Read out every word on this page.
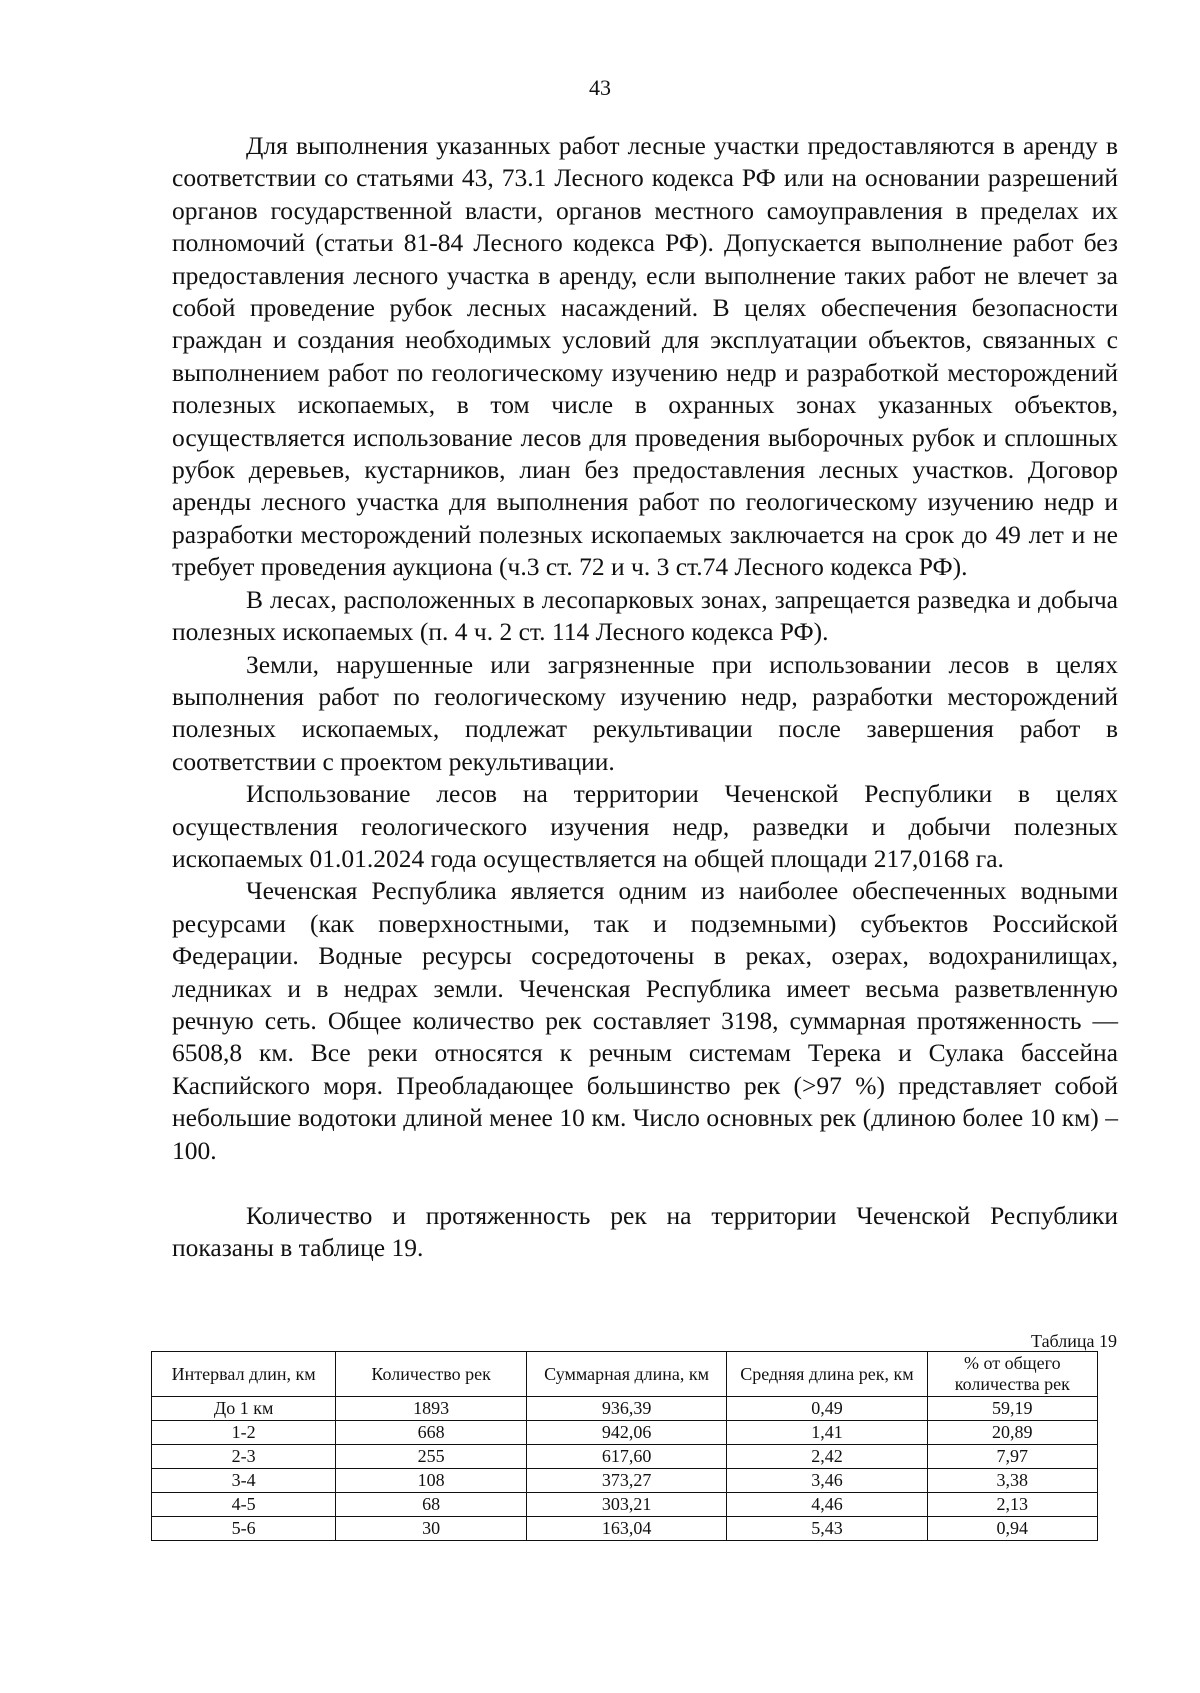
43

Для выполнения указанных работ лесные участки предоставляются в аренду в соответствии со статьями 43, 73.1 Лесного кодекса РФ или на основании разрешений органов государственной власти, органов местного самоуправления в пределах их полномочий (статьи 81-84 Лесного кодекса РФ). Допускается выполнение работ без предоставления лесного участка в аренду, если выполнение таких работ не влечет за собой проведение рубок лесных насаждений. В целях обеспечения безопасности граждан и создания необходимых условий для эксплуатации объектов, связанных с выполнением работ по геологическому изучению недр и разработкой месторождений полезных ископаемых, в том числе в охранных зонах указанных объектов, осуществляется использование лесов для проведения выборочных рубок и сплошных рубок деревьев, кустарников, лиан без предоставления лесных участков. Договор аренды лесного участка для выполнения работ по геологическому изучению недр и разработки месторождений полезных ископаемых заключается на срок до 49 лет и не требует проведения аукциона (ч.3 ст. 72 и ч. 3 ст.74 Лесного кодекса РФ).

В лесах, расположенных в лесопарковых зонах, запрещается разведка и добыча полезных ископаемых (п. 4 ч. 2 ст. 114 Лесного кодекса РФ).

Земли, нарушенные или загрязненные при использовании лесов в целях выполнения работ по геологическому изучению недр, разработки месторождений полезных ископаемых, подлежат рекультивации после завершения работ в соответствии с проектом рекультивации.

Использование лесов на территории Чеченской Республики в целях осуществления геологического изучения недр, разведки и добычи полезных ископаемых 01.01.2024 года осуществляется на общей площади 217,0168 га.

Чеченская Республика является одним из наиболее обеспеченных водными ресурсами (как поверхностными, так и подземными) субъектов Российской Федерации. Водные ресурсы сосредоточены в реках, озерах, водохранилищах, ледниках и в недрах земли. Чеченская Республика имеет весьма разветвленную речную сеть. Общее количество рек составляет 3198, суммарная протяженность — 6508,8 км. Все реки относятся к речным системам Терека и Сулака бассейна Каспийского моря. Преобладающее большинство рек (>97 %) представляет собой небольшие водотоки длиной менее 10 км. Число основных рек (длиною более 10 км) – 100.

Количество и протяженность рек на территории Чеченской Республики показаны в таблице 19.

Таблица 19
Интервал длин, км	Количество рек	Суммарная длина, км	Средняя длина рек, км	% от общего количества рек
До 1 км	1893	936,39	0,49	59,19
1-2	668	942,06	1,41	20,89
2-3	255	617,60	2,42	7,97
3-4	108	373,27	3,46	3,38
4-5	68	303,21	4,46	2,13
5-6	30	163,04	5,43	0,94
